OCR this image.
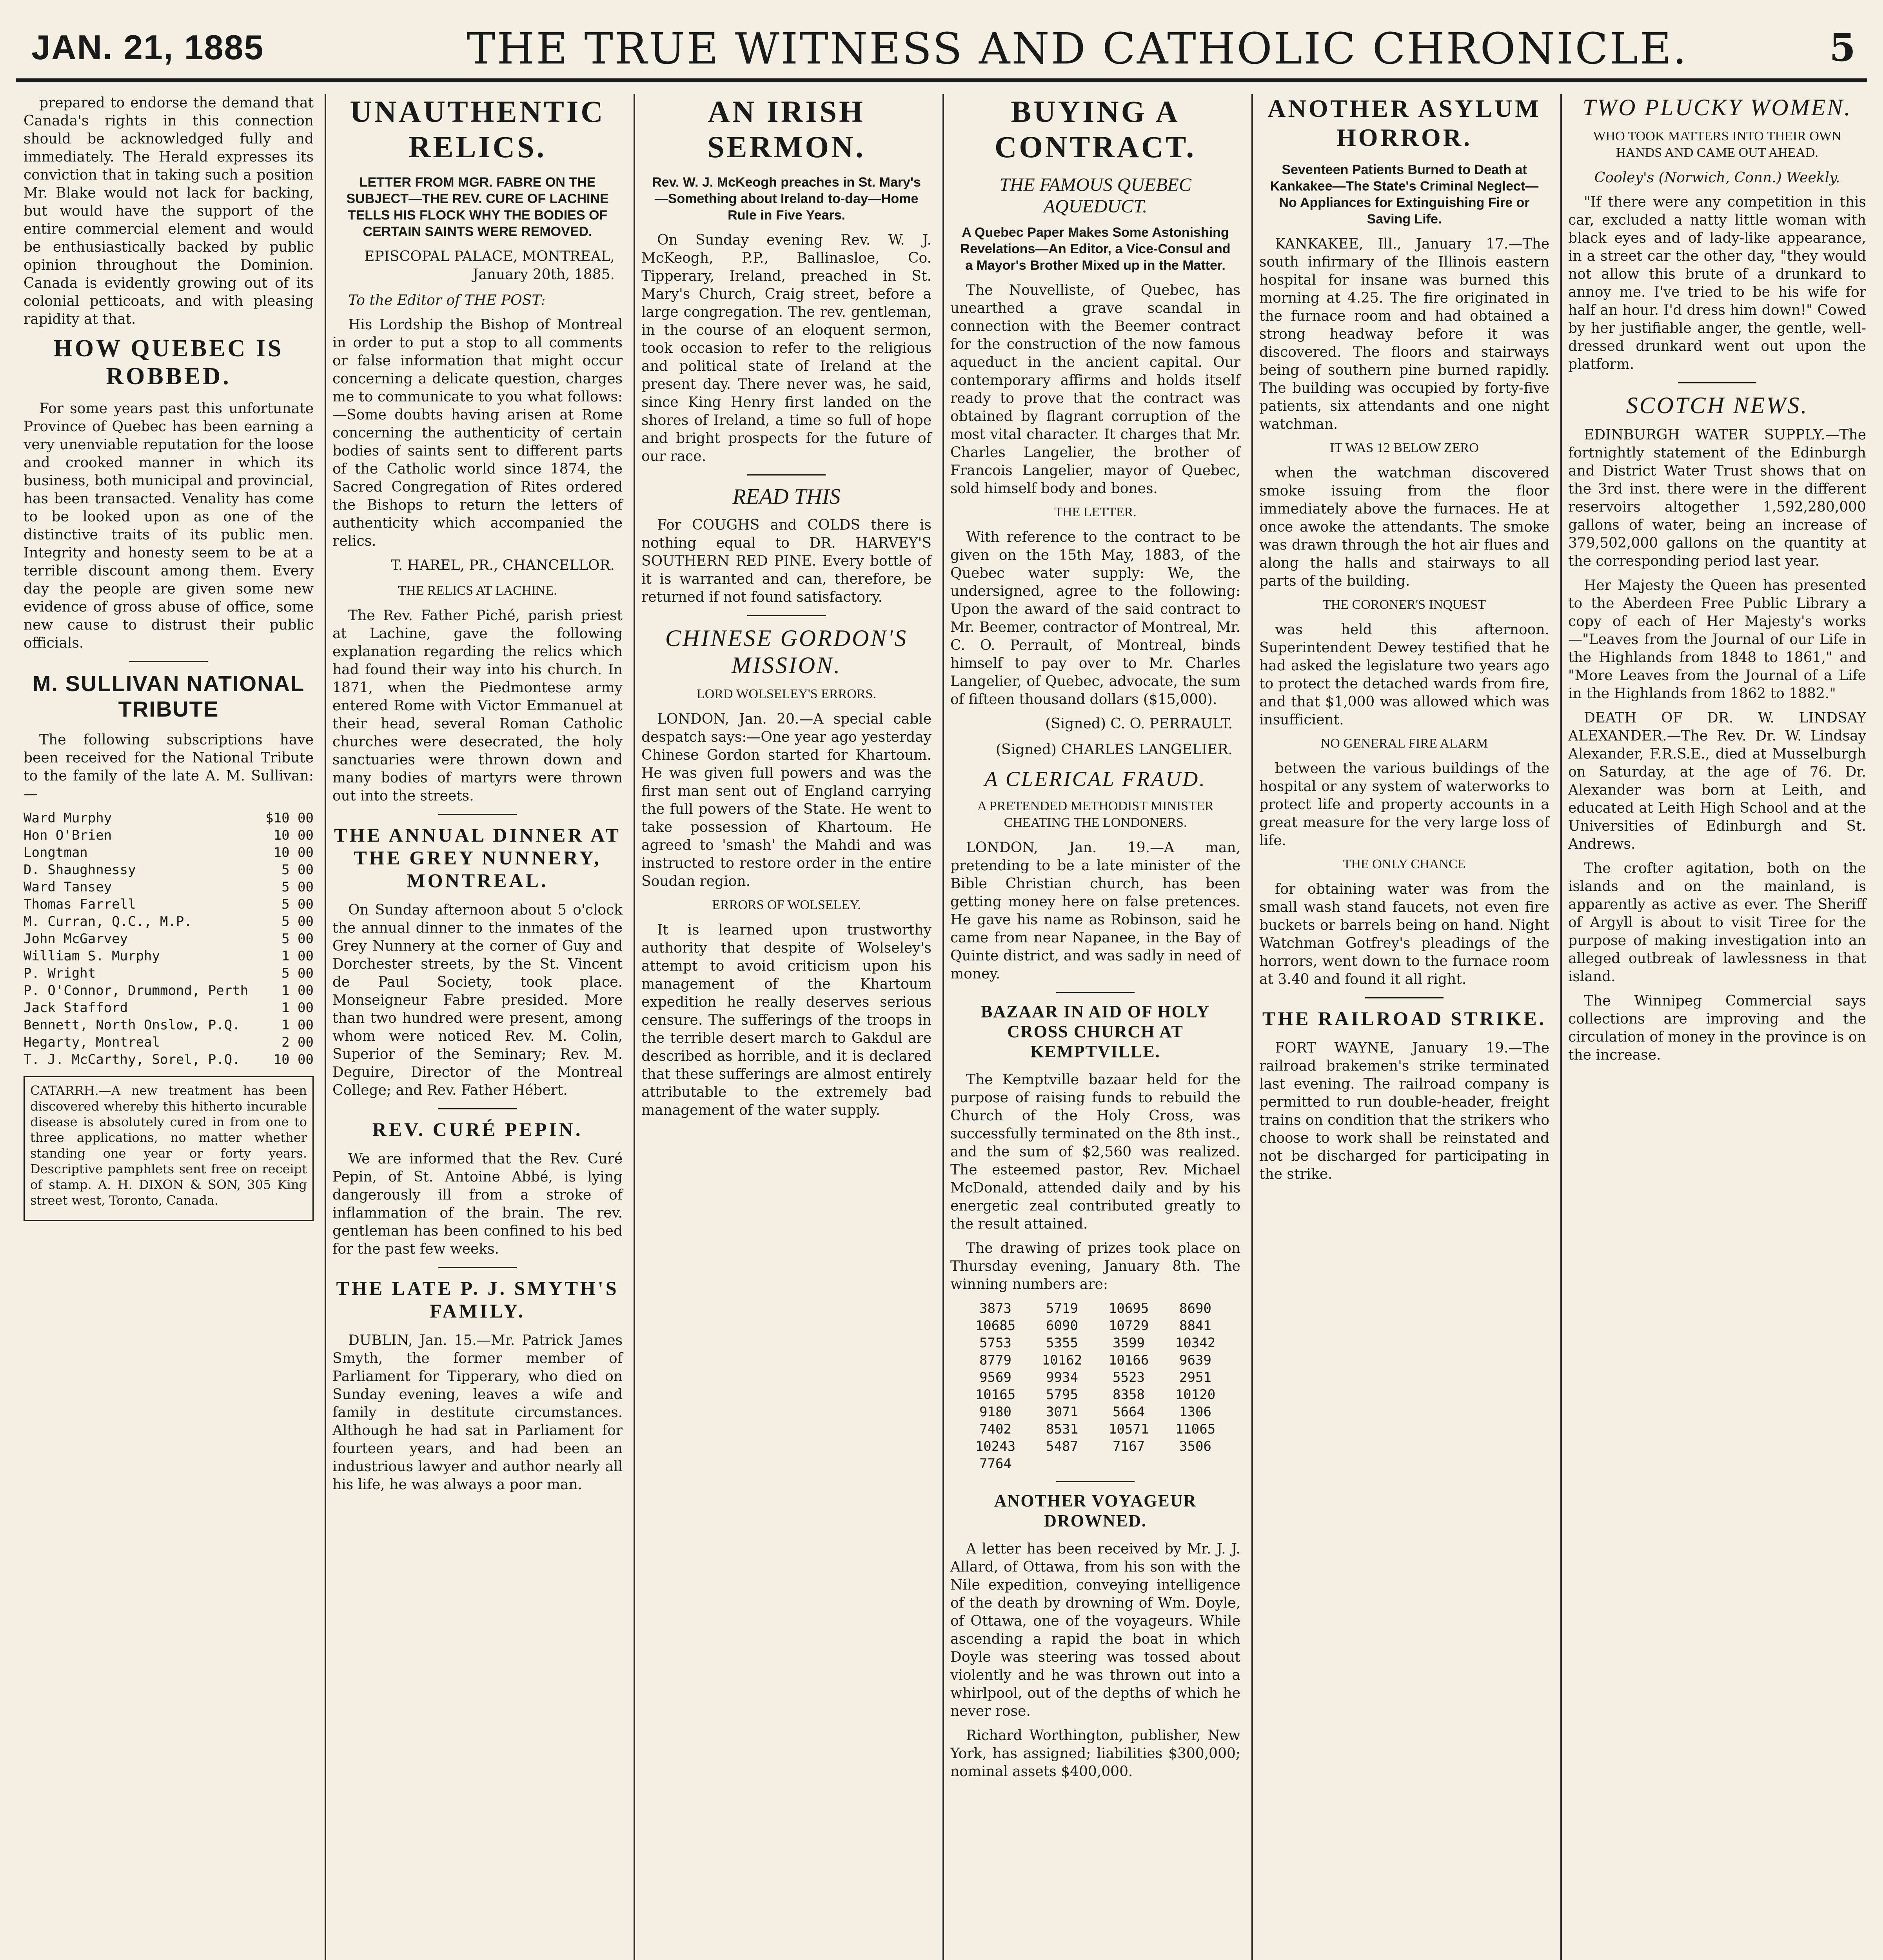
JAN. 21, 1885	THE TRUE WITNESS AND CATHOLIC CHRONICLE.	5

prepared to endorse the demand that Canada's rights in this connection should be acknowledged fully and immediately. The Herald expresses its conviction that in taking such a position Mr. Blake would not lack for backing, but would have the support of the entire commercial element and would be enthusiastically backed by public opinion throughout the Dominion. Canada is evidently growing out of its colonial petticoats, and with pleasing rapidity at that.

HOW QUEBEC IS ROBBED.

For some years past this unfortunate Province of Quebec has been earning a very unenviable reputation for the loose and crooked manner in which its business, both municipal and provincial, has been transacted. Venality has come to be looked upon as one of the distinctive traits of its public men. Integrity and honesty seem to be at a terrible discount among them. Every day the people are given some new evidence of gross abuse of office, some new cause to distrust their public officials.

M. SULLIVAN NATIONAL TRIBUTE

The following subscriptions have been received for the National Tribute to the family of the late A. M. Sullivan:—

Ward Murphy	$10 00
Hon O'Brien	10 00
Longtman	10 00
D. Shaughnessy	5 00
Ward Tansey	5 00
Thomas Farrell	5 00
M. Curran, Q.C., M.P.	5 00
John McGarvey	5 00
William S. Murphy	1 00
P. Wright	5 00
P. O'Connor, Drummond, Perth 1 00
Jack Stafford	1 00
Bennett, North Onslow, P.Q.	1 00
Hegarty, Montreal	2 00
T. J. McCarthy, Sorel, P.Q. 10 00

CATARRH.—A new treatment has been discovered whereby this hitherto incurable disease is absolutely cured in from one to three applications, no matter whether standing one year or forty years. Descriptive pamphlets sent free on receipt of stamp. A. H. DIXON & SON, 305 King street west, Toronto, Canada.

UNAUTHENTIC RELICS.
LETTER FROM MGR. FABRE ON THE SUBJECT—THE REV. CURE OF LACHINE TELLS HIS FLOCK WHY THE BODIES OF CERTAIN SAINTS WERE REMOVED.
EPISCOPAL PALACE, MONTREAL, January 20th, 1885.

To the Editor of THE POST:

His Lordship the Bishop of Montreal in order to put a stop to all comments or false information that might occur concerning a delicate question, charges me to communicate to you what follows:—Some doubts having arisen at Rome concerning the authenticity of certain bodies of saints sent to different parts of the Catholic world since 1874, the Sacred Congregation of Rites ordered the Bishops to return the letters of authenticity which accompanied the relics.

T. HAREL, PR., CHANCELLOR.
THE RELICS AT LACHINE.

The Rev. Father Piché, parish priest at Lachine, gave the following explanation regarding the relics which had found their way into his church. In 1871, when the Piedmontese army entered Rome with Victor Emmanuel at their head, several Roman Catholic churches were desecrated, the holy sanctuaries were thrown down and many bodies of martyrs were thrown out into the streets.

THE ANNUAL DINNER AT THE GREY NUNNERY, MONTREAL.

On Sunday afternoon about 5 o'clock the annual dinner to the inmates of the Grey Nunnery at the corner of Guy and Dorchester streets, by the St. Vincent de Paul Society, took place. Monseigneur Fabre presided. More than two hundred were present, among whom were noticed Rev. M. Colin, Superior of the Seminary; Rev. M. Deguire, Director of the Montreal College; and Rev. Father Hébert.

REV. CURÉ PEPIN.

We are informed that the Rev. Curé Pepin, of St. Antoine Abbé, is lying dangerously ill from a stroke of inflammation of the brain. The rev. gentleman has been confined to his bed for the past few weeks.

THE LATE P. J. SMYTH'S FAMILY.

DUBLIN, Jan. 15.—Mr. Patrick James Smyth, the former member of Parliament for Tipperary, who died on Sunday evening, leaves a wife and family in destitute circumstances. Although he had sat in Parliament for fourteen years, and had been an industrious lawyer and author nearly all his life, he was always a poor man.

AN IRISH SERMON.
Rev. W. J. McKeogh preaches in St. Mary's—Something about Ireland to-day—Home Rule in Five Years.

On Sunday evening Rev. W. J. McKeogh, P.P., Ballinasloe, Co. Tipperary, Ireland, preached in St. Mary's Church, Craig street, before a large congregation. The rev. gentleman, in the course of an eloquent sermon, took occasion to refer to the religious and political state of Ireland at the present day. There never was, he said, since King Henry first landed on the shores of Ireland, a time so full of hope and bright prospects for the future of our race.

READ THIS

For COUGHS and COLDS there is nothing equal to DR. HARVEY'S SOUTHERN RED PINE. Every bottle of it is warranted and can, therefore, be returned if not found satisfactory.

CHINESE GORDON'S MISSION.
LORD WOLSELEY'S ERRORS.

LONDON, Jan. 20.—A special cable despatch says:—One year ago yesterday Chinese Gordon started for Khartoum. He was given full powers and was the first man sent out of England carrying the full powers of the State. He went to take possession of Khartoum. He agreed to 'smash' the Mahdi and was instructed to restore order in the entire Soudan region.

ERRORS OF WOLSELEY.

It is learned upon trustworthy authority that despite of Wolseley's attempt to avoid criticism upon his management of the Khartoum expedition he really deserves serious censure. The sufferings of the troops in the terrible desert march to Gakdul are described as horrible, and it is declared that these sufferings are almost entirely attributable to the extremely bad management of the water supply.

BUYING A CONTRACT.
THE FAMOUS QUEBEC AQUEDUCT.
A Quebec Paper Makes Some Astonishing Revelations—An Editor, a Vice-Consul and a Mayor's Brother Mixed up in the Matter.

The Nouvelliste, of Quebec, has unearthed a grave scandal in connection with the Beemer contract for the construction of the now famous aqueduct in the ancient capital. Our contemporary affirms and holds itself ready to prove that the contract was obtained by flagrant corruption of the most vital character. It charges that Mr. Charles Langelier, the brother of Francois Langelier, mayor of Quebec, sold himself body and bones.

THE LETTER.

With reference to the contract to be given on the 15th May, 1883, of the Quebec water supply: We, the undersigned, agree to the following: Upon the award of the said contract to Mr. Beemer, contractor of Montreal, Mr. C. O. Perrault, of Montreal, binds himself to pay over to Mr. Charles Langelier, of Quebec, advocate, the sum of fifteen thousand dollars ($15,000).

(Signed) C. O. PERRAULT.
(Signed) CHARLES LANGELIER.
A CLERICAL FRAUD.
A PRETENDED METHODIST MINISTER CHEATING THE LONDONERS.

LONDON, Jan. 19.—A man, pretending to be a late minister of the Bible Christian church, has been getting money here on false pretences. He gave his name as Robinson, said he came from near Napanee, in the Bay of Quinte district, and was sadly in need of money.

BAZAAR IN AID OF HOLY CROSS CHURCH AT KEMPTVILLE.

The Kemptville bazaar held for the purpose of raising funds to rebuild the Church of the Holy Cross, was successfully terminated on the 8th inst., and the sum of $2,560 was realized. The esteemed pastor, Rev. Michael McDonald, attended daily and by his energetic zeal contributed greatly to the result attained.

The drawing of prizes took place on Thursday evening, January 8th. The winning numbers are:

3873	5719	10695	8690
10685	6090	10729	8841
5753	5355	3599	10342
8779	10162	10166	9639
9569	9934	5523	2951
10165	5795	8358	10120
9180	3071	5664	1306
7402	8531	10571	11065
10243	5487	7167	3506
7764
ANOTHER VOYAGEUR DROWNED.

A letter has been received by Mr. J. J. Allard, of Ottawa, from his son with the Nile expedition, conveying intelligence of the death by drowning of Wm. Doyle, of Ottawa, one of the voyageurs. While ascending a rapid the boat in which Doyle was steering was tossed about violently and he was thrown out into a whirlpool, out of the depths of which he never rose.

Richard Worthington, publisher, New York, has assigned; liabilities $300,000; nominal assets $400,000.

ANOTHER ASYLUM HORROR.
Seventeen Patients Burned to Death at Kankakee—The State's Criminal Neglect—No Appliances for Extinguishing Fire or Saving Life.

KANKAKEE, Ill., January 17.—The south infirmary of the Illinois eastern hospital for insane was burned this morning at 4.25. The fire originated in the furnace room and had obtained a strong headway before it was discovered. The floors and stairways being of southern pine burned rapidly. The building was occupied by forty-five patients, six attendants and one night watchman.

IT WAS 12 BELOW ZERO

when the watchman discovered smoke issuing from the floor immediately above the furnaces. He at once awoke the attendants. The smoke was drawn through the hot air flues and along the halls and stairways to all parts of the building.

THE CORONER'S INQUEST

was held this afternoon. Superintendent Dewey testified that he had asked the legislature two years ago to protect the detached wards from fire, and that $1,000 was allowed which was insufficient.

NO GENERAL FIRE ALARM

between the various buildings of the hospital or any system of waterworks to protect life and property accounts in a great measure for the very large loss of life.

THE ONLY CHANCE

for obtaining water was from the small wash stand faucets, not even fire buckets or barrels being on hand. Night Watchman Gotfrey's pleadings of the horrors, went down to the furnace room at 3.40 and found it all right.

THE RAILROAD STRIKE.

FORT WAYNE, January 19.—The railroad brakemen's strike terminated last evening. The railroad company is permitted to run double-header, freight trains on condition that the strikers who choose to work shall be reinstated and not be discharged for participating in the strike.

TWO PLUCKY WOMEN.
WHO TOOK MATTERS INTO THEIR OWN HANDS AND CAME OUT AHEAD.

Cooley's (Norwich, Conn.) Weekly.

"If there were any competition in this car, excluded a natty little woman with black eyes and of lady-like appearance, in a street car the other day, "they would not allow this brute of a drunkard to annoy me. I've tried to be his wife for half an hour. I'd dress him down!" Cowed by her justifiable anger, the gentle, well-dressed drunkard went out upon the platform.

SCOTCH NEWS.

EDINBURGH WATER SUPPLY.—The fortnightly statement of the Edinburgh and District Water Trust shows that on the 3rd inst. there were in the different reservoirs altogether 1,592,280,000 gallons of water, being an increase of 379,502,000 gallons on the quantity at the corresponding period last year.

Her Majesty the Queen has presented to the Aberdeen Free Public Library a copy of each of Her Majesty's works—"Leaves from the Journal of our Life in the Highlands from 1848 to 1861," and "More Leaves from the Journal of a Life in the Highlands from 1862 to 1882."

DEATH OF DR. W. LINDSAY ALEXANDER.—The Rev. Dr. W. Lindsay Alexander, F.R.S.E., died at Musselburgh on Saturday, at the age of 76. Dr. Alexander was born at Leith, and educated at Leith High School and at the Universities of Edinburgh and St. Andrews.

The crofter agitation, both on the islands and on the mainland, is apparently as active as ever. The Sheriff of Argyll is about to visit Tiree for the purpose of making investigation into an alleged outbreak of lawlessness in that island.

The Winnipeg Commercial says collections are improving and the circulation of money in the province is on the increase.
